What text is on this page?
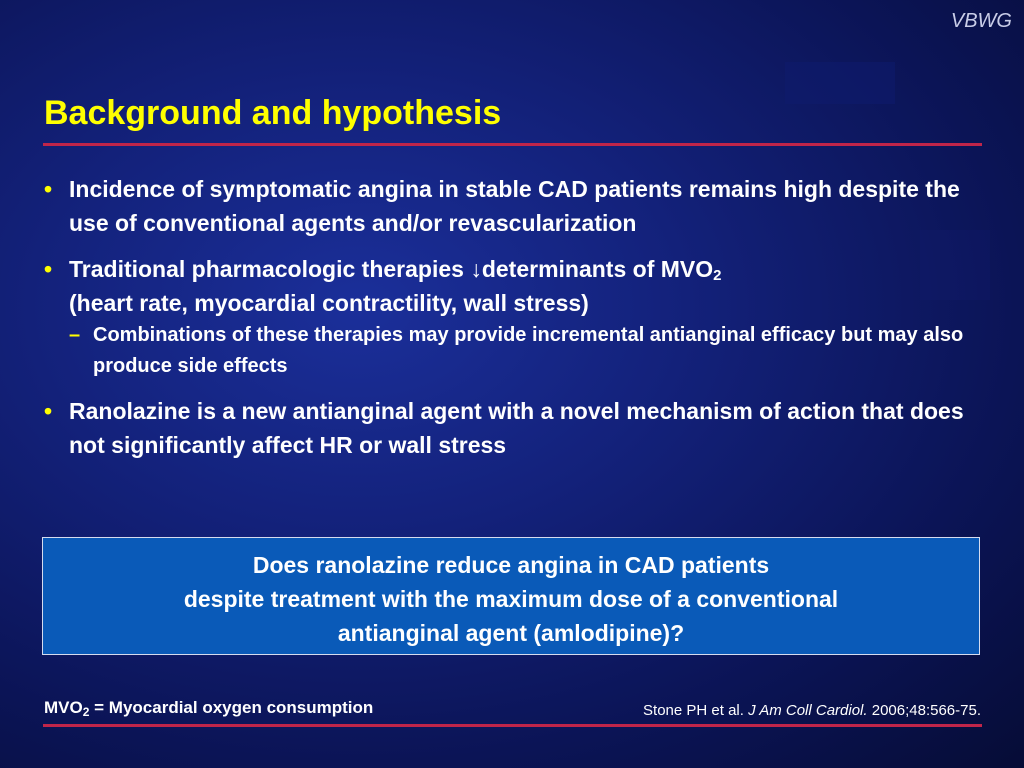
VBWG
Background and hypothesis
• Incidence of symptomatic angina in stable CAD patients remains high despite the use of conventional agents and/or revascularization
• Traditional pharmacologic therapies ↓determinants of $MVO_2$
(heart rate, myocardial contractility, wall stress)
– Combinations of these therapies may provide incremental antianginal efficacy but may also produce side effects
• Ranolazine is a new antianginal agent with a novel mechanism of action that does not significantly affect HR or wall stress
Does ranolazine reduce angina in CAD patients
despite treatment with the maximum dose of a conventional
antianginal agent (amlodipine)?
$MVO_2$ = Myocardial oxygen consumption	Stone PH et al. J Am Coll Cardiol. 2006;48:566-75.
